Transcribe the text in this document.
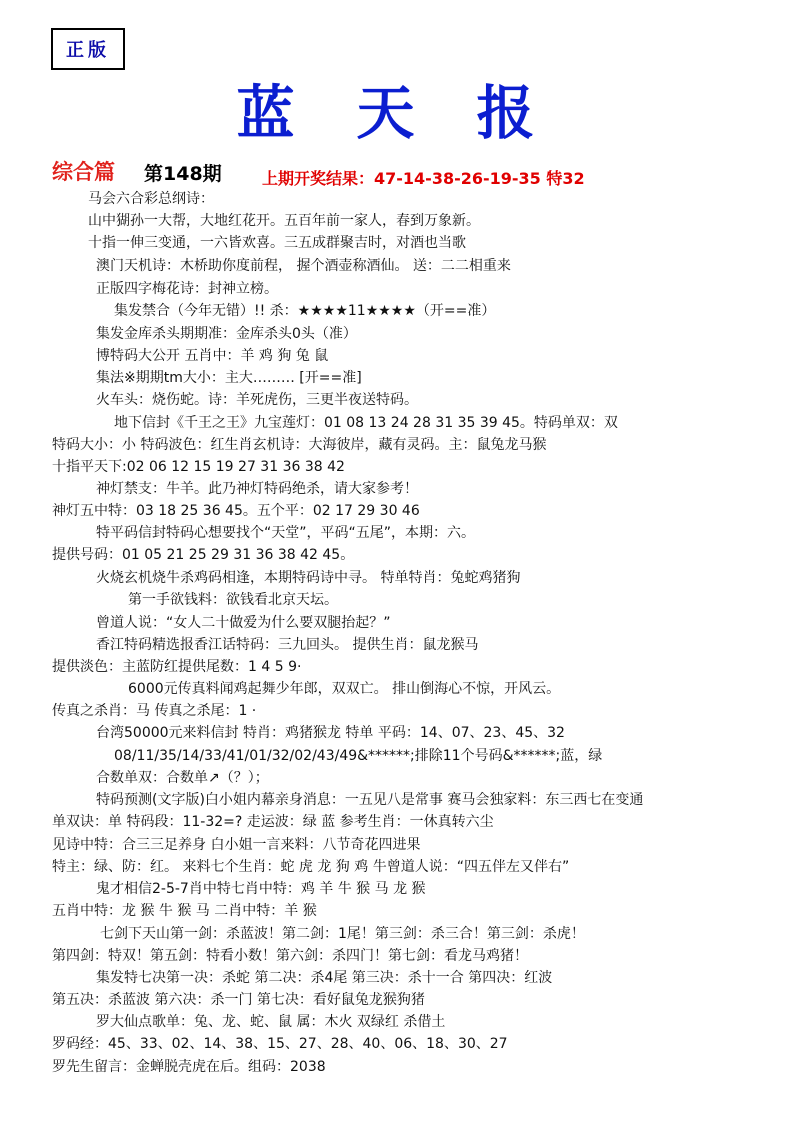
正版
蓝天报
综合篇 第148期	上期开奖结果：47-14-38-26-19-35 特32
马会六合彩总纲诗：
山中猢孙一大帮，大地红花开。五百年前一家人，春到万象新。
十指一伸三变通，一六皆欢喜。三五成群聚吉时，对酒也当歌
澳门天机诗：木桥助你度前程， 握个酒壶称酒仙。 送：二二相重来
正版四字梅花诗：封神立榜。
集发禁合（今年无错）!! 杀：★★★★11★★★★（开==准）
集发金库杀头期期准：金库杀头0头（准）
博特码大公开 五肖中：羊 鸡 狗 兔 鼠
集法※期期tm大小：主大……… [开==准]
火车头：烧伤蛇。诗：羊死虎伤，三更半夜送特码。
地下信封《千王之王》九宝莲灯：01 08 13 24 28 31 35 39 45。特码单双：双
特码大小：小 特码波色：红生肖玄机诗：大海彼岸，藏有灵码。主：鼠兔龙马猴
十指平天下:02 06 12 15 19 27 31 36 38 42
神灯禁支：牛羊。此乃神灯特码绝杀，请大家参考！
神灯五中特：03 18 25 36 45。五个平：02 17 29 30 46
特平码信封特码心想要找个“天堂”，平码“五尾”，本期：六。
提供号码：01 05 21 25 29 31 36 38 42 45。
火烧玄机烧牛杀鸡码相逢，本期特码诗中寻。 特单特肖：兔蛇鸡猪狗
第一手欲钱料：欲钱看北京天坛。
曾道人说：“女人二十做爱为什么要双腿抬起？”
香江特码精选报香江话特码：三九回头。 提供生肖：鼠龙猴马
提供淡色：主蓝防红提供尾数：1 4 5 9·
6000元传真料闻鸡起舞少年郎，双双亡。 排山倒海心不惊，开风云。
传真之杀肖：马 传真之杀尾：1 ·
台湾50000元来料信封 特肖：鸡猪猴龙 特单 平码：14、07、23、45、32
08/11/35/14/33/41/01/32/02/43/49&******;排除11个号码&******;蓝，绿
合数单双：合数单↗（？）；
特码预测(文字版)白小姐内幕亲身消息：一五见八是常事 赛马会独家料：东三西七在变通
单双诀：单 特码段：11-32=? 走运波：绿 蓝 参考生肖：一休真转六尘
见诗中特：合三三足养身 白小姐一言来料：八节奇花四进果
特主：绿、防：红。 来料七个生肖：蛇 虎 龙 狗 鸡 牛曾道人说：“四五伴左又伴右”
鬼才相信2-5-7肖中特七肖中特：鸡 羊 牛 猴 马 龙 猴
五肖中特：龙 猴 牛 猴 马 二肖中特：羊 猴
七剑下天山第一剑：杀蓝波！第二剑：1尾！第三剑：杀三合！第三剑：杀虎！
第四剑：特双！第五剑：特看小数！第六剑：杀四门！第七剑：看龙马鸡猪！
集发特七决第一决：杀蛇 第二决：杀4尾 第三决：杀十一合 第四决：红波
第五决：杀蓝波 第六决：杀一门 第七决：看好鼠兔龙猴狗猪
罗大仙点歌单：兔、龙、蛇、鼠 属：木火 双绿红 杀借土
罗码经：45、33、02、14、38、15、27、28、40、06、18、30、27
罗先生留言：金蝉脱壳虎在后。组码：2038
